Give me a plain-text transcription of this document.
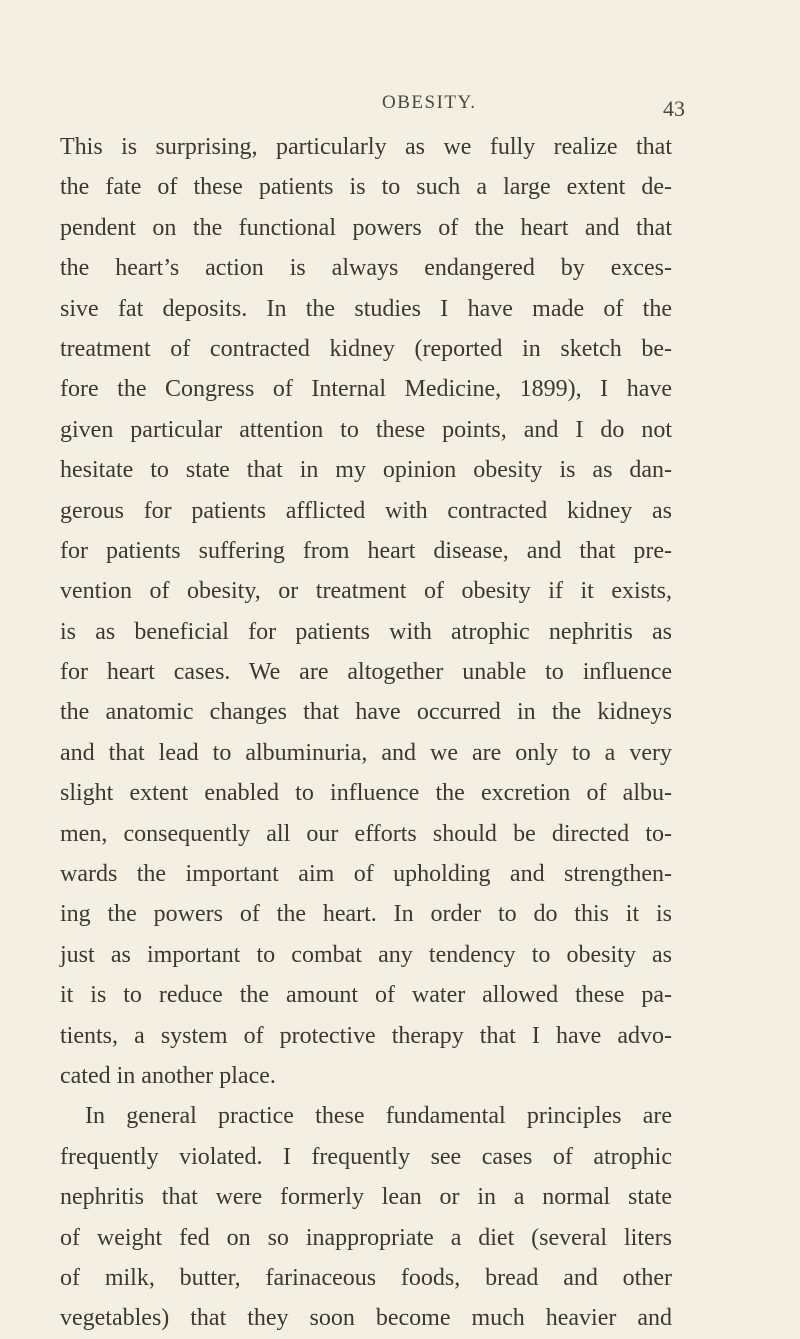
OBESITY.	43
This is surprising, particularly as we fully realize that
the fate of these patients is to such a large extent de-
pendent on the functional powers of the heart and that
the heart’s action is always endangered by exces-
sive fat deposits. In the studies I have made of the
treatment of contracted kidney (reported in sketch be-
fore the Congress of Internal Medicine, 1899), I have
given particular attention to these points, and I do not
hesitate to state that in my opinion obesity is as dan-
gerous for patients afflicted with contracted kidney as
for patients suffering from heart disease, and that pre-
vention of obesity, or treatment of obesity if it exists,
is as beneficial for patients with atrophic nephritis as
for heart cases. We are altogether unable to influence
the anatomic changes that have occurred in the kidneys
and that lead to albuminuria, and we are only to a very
slight extent enabled to influence the excretion of albu-
men, consequently all our efforts should be directed to-
wards the important aim of upholding and strengthen-
ing the powers of the heart. In order to do this it is
just as important to combat any tendency to obesity as
it is to reduce the amount of water allowed these pa-
tients, a system of protective therapy that I have advo-
cated in another place.
In general practice these fundamental principles are
frequently violated. I frequently see cases of atrophic
nephritis that were formerly lean or in a normal state
of weight fed on so inappropriate a diet (several liters
of milk, butter, farinaceous foods, bread and other
vegetables) that they soon become much heavier and
